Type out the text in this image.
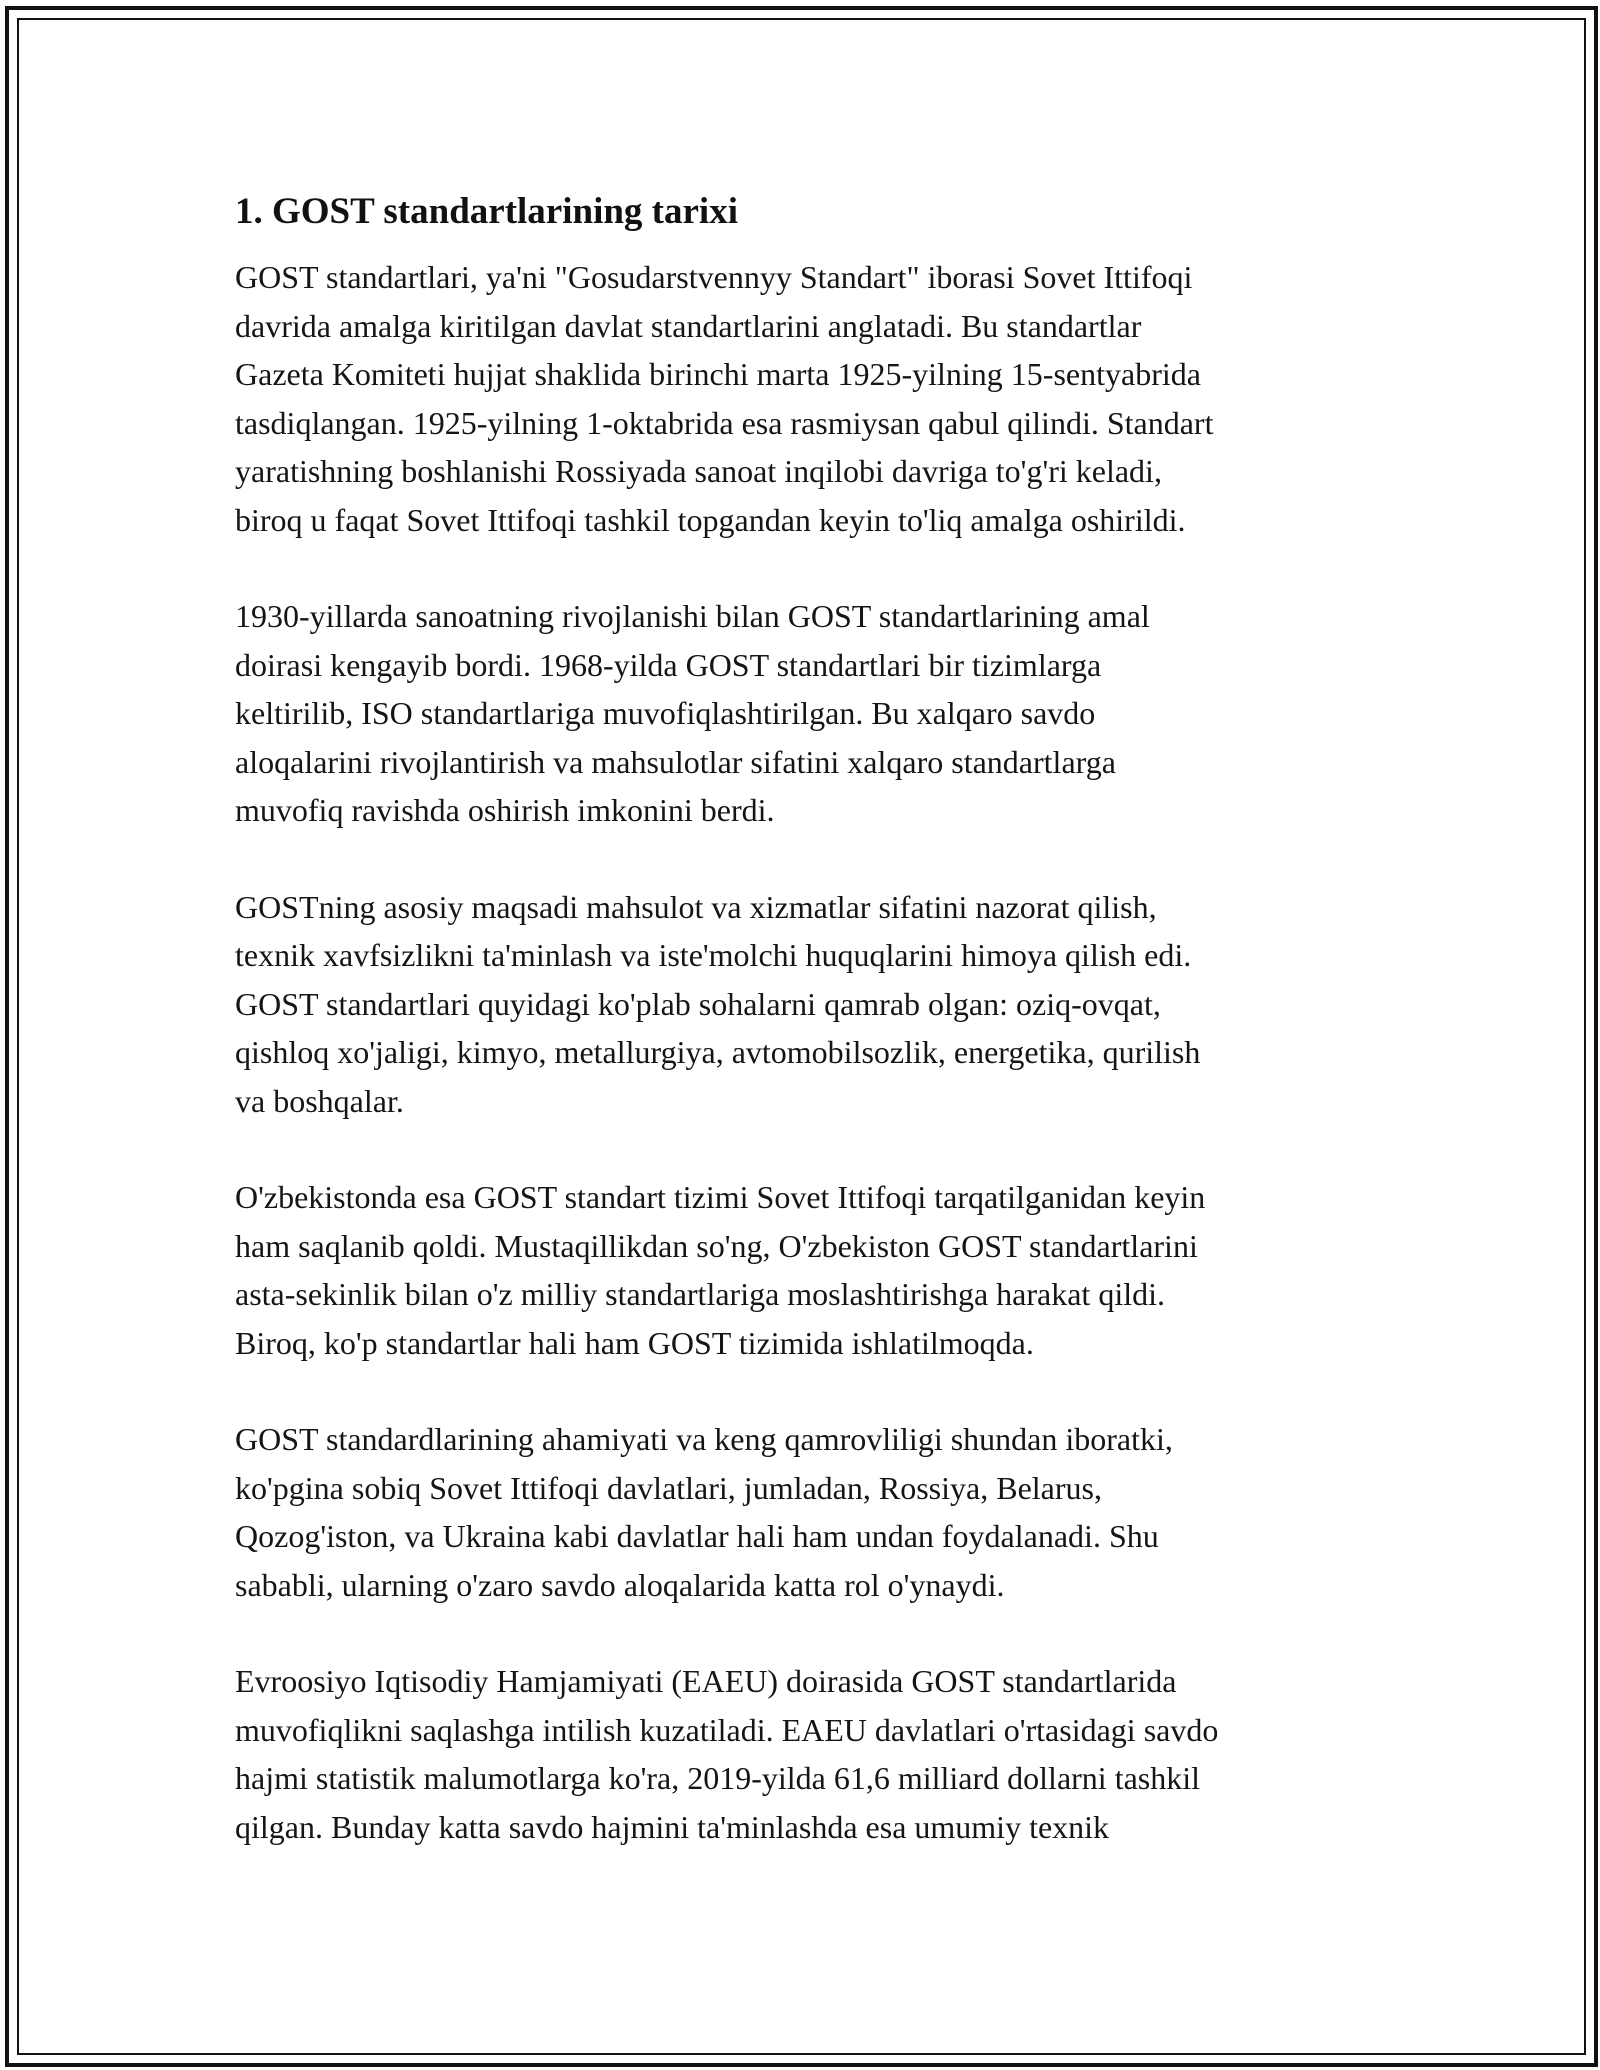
1. GOST standartlarining tarixi

GOST standartlari, ya'ni "Gosudarstvennyy Standart" iborasi Sovet Ittifoqi
davrida amalga kiritilgan davlat standartlarini anglatadi. Bu standartlar
Gazeta Komiteti hujjat shaklida birinchi marta 1925-yilning 15-sentyabrida
tasdiqlangan. 1925-yilning 1-oktabrida esa rasmiysan qabul qilindi. Standart
yaratishning boshlanishi Rossiyada sanoat inqilobi davriga to'g'ri keladi,
biroq u faqat Sovet Ittifoqi tashkil topgandan keyin to'liq amalga oshirildi.

1930-yillarda sanoatning rivojlanishi bilan GOST standartlarining amal
doirasi kengayib bordi. 1968-yilda GOST standartlari bir tizimlarga
keltirilib, ISO standartlariga muvofiqlashtirilgan. Bu xalqaro savdo
aloqalarini rivojlantirish va mahsulotlar sifatini xalqaro standartlarga
muvofiq ravishda oshirish imkonini berdi.

GOSTning asosiy maqsadi mahsulot va xizmatlar sifatini nazorat qilish,
texnik xavfsizlikni ta'minlash va iste'molchi huquqlarini himoya qilish edi.
GOST standartlari quyidagi ko'plab sohalarni qamrab olgan: oziq-ovqat,
qishloq xo'jaligi, kimyo, metallurgiya, avtomobilsozlik, energetika, qurilish
va boshqalar.

O'zbekistonda esa GOST standart tizimi Sovet Ittifoqi tarqatilganidan keyin
ham saqlanib qoldi. Mustaqillikdan so'ng, O'zbekiston GOST standartlarini
asta-sekinlik bilan o'z milliy standartlariga moslashtirishga harakat qildi.
Biroq, ko'p standartlar hali ham GOST tizimida ishlatilmoqda.

GOST standardlarining ahamiyati va keng qamrovliligi shundan iboratki,
ko'pgina sobiq Sovet Ittifoqi davlatlari, jumladan, Rossiya, Belarus,
Qozog'iston, va Ukraina kabi davlatlar hali ham undan foydalanadi. Shu
sababli, ularning o'zaro savdo aloqalarida katta rol o'ynaydi.

Evroosiyo Iqtisodiy Hamjamiyati (EAEU) doirasida GOST standartlarida
muvofiqlikni saqlashga intilish kuzatiladi. EAEU davlatlari o'rtasidagi savdo
hajmi statistik malumotlarga ko'ra, 2019-yilda 61,6 milliard dollarni tashkil
qilgan. Bunday katta savdo hajmini ta'minlashda esa umumiy texnik
